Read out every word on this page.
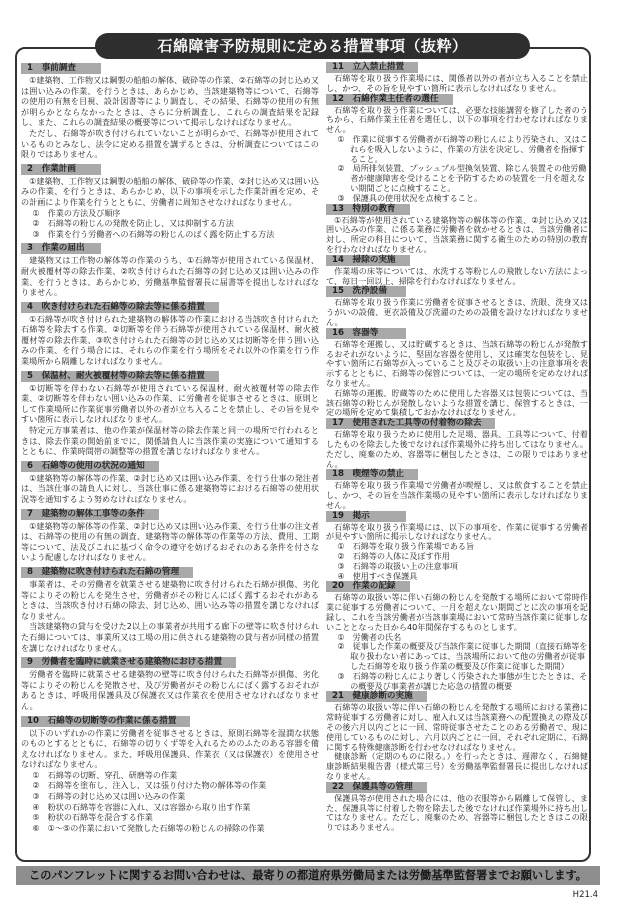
石綿障害予防規則に定める措置事項（抜粋）
1　事前調査
①建築物、工作物又は鋼製の船舶の解体、破砕等の作業、②石綿等の封じ込め又は囲い込みの作業、を行うときは、あらかじめ、当該建築物等について、石綿等の使用の有無を目視、設計図書等により調査し、その結果、石綿等の使用の有無が明らかとならなかったときは、さらに分析調査し、これらの調査結果を記録し、また、これらの調査結果の概要等について掲示しなければなりません。
ただし、石綿等が吹き付けられていないことが明らかで、石綿等が使用されているものとみなし、法令に定める措置を講ずるときは、分析調査についてはこの限りではありません。
2　作業計画
①建築物、工作物又は鋼製の船舶の解体、破砕等の作業、②封じ込め又は囲い込みの作業、を行うときは、あらかじめ、以下の事項を示した作業計画を定め、その計画により作業を行うとともに、労働者に周知させなければなりません。
①　作業の方法及び順序
②　石綿等の粉じんの発散を防止し、又は抑制する方法
③　作業を行う労働者への石綿等の粉じんのばく露を防止する方法
3　作業の届出
建築物又は工作物の解体等の作業のうち、①石綿等が使用されている保温材、耐火被覆材等の除去作業、②吹き付けられた石綿等の封じ込め又は囲い込みの作業、を行うときは、あらかじめ、労働基準監督署長に届書等を提出しなければなりません。
4　吹き付けられた石綿等の除去等に係る措置
①石綿等が吹き付けられた建築物の解体等の作業における当該吹き付けられた石綿等を除去する作業、②切断等を伴う石綿等が使用されている保温材、耐火被覆材等の除去作業、③吹き付けられた石綿等の封じ込め又は切断等を伴う囲い込みの作業、を行う場合には、それらの作業を行う場所をそれ以外の作業を行う作業場所から隔離しなければなりません。
5　保温材、耐火被覆材等の除去等に係る措置
①切断等を伴わない石綿等が使用されている保温材、耐火被覆材等の除去作業、②切断等を伴わない囲い込みの作業、に労働者を従事させるときは、原則として作業場所に作業従事労働者以外の者が立ち入ることを禁止し、その旨を見やすい箇所に表示しなければなりません。
特定元方事業者は、他の作業が保温材等の除去作業と同一の場所で行われるときは、除去作業の開始前までに、関係請負人に当該作業の実施について通知するとともに、作業時間帯の調整等の措置を講じなければなりません。
6　石綿等の使用の状況の通知
①建築物等の解体等の作業、②封じ込め又は囲い込み作業、を行う仕事の発注者は、当該仕事の請負人に対し、当該仕事に係る建築物等における石綿等の使用状況等を通知するよう努めなければなりません。
7　建築物の解体工事等の条件
①建築物等の解体等の作業、②封じ込め又は囲い込み作業、を行う仕事の注文者は、石綿等の使用の有無の調査、建築物等の解体等の作業等の方法、費用、工期等について、法及びこれに基づく命令の遵守を妨げるおそれのある条件を付さないよう配慮しなければなりません。
8　建築物に吹き付けられた石綿の管理
事業者は、その労働者を就業させる建築物に吹き付けられた石綿が損傷、劣化等によりその粉じんを発生させ、労働者がその粉じんにばく露するおそれがあるときは、当該吹き付け石綿の除去、封じ込め、囲い込み等の措置を講じなければなりません。
当該建築物の貸与を受けた2以上の事業者が共用する廊下の壁等に吹き付けられた石綿については、事業所又は工場の用に供される建築物の貸与者が同様の措置を講じなければなりません。
9　労働者を臨時に就業させる建築物における措置
労働者を臨時に就業させる建築物の壁等に吹き付けられた石綿等が損傷、劣化等によりその粉じんを発散させ、及び労働者がその粉じんにばく露するおそれがあるときは、呼吸用保護具及び保護衣又は作業衣を使用させなければなりません。
10　石綿等の切断等の作業に係る措置
以下のいずれかの作業に労働者を従事させるときは、原則石綿等を湿潤な状態のものとするとともに、石綿等の切りくず等を入れるためのふたのある容器を備えなければなりません。また、呼吸用保護具、作業衣（又は保護衣）を使用させなければなりません。
①　石綿等の切断、穿孔、研磨等の作業
②　石綿等を塗布し、注入し、又は張り付けた物の解体等の作業
③　石綿等の封じ込め又は囲い込みの作業
④　粉状の石綿等を容器に入れ、又は容器から取り出す作業
⑤　粉状の石綿等を混合する作業
⑥　①～⑤の作業において発散した石綿等の粉じんの掃除の作業
11　立入禁止措置
石綿等を取り扱う作業場には、関係者以外の者が立ち入ることを禁止し、かつ、その旨を見やすい箇所に表示しなければなりません。
12　石綿作業主任者の選任
石綿等を取り扱う作業については、必要な技能講習を修了した者のうちから、石綿作業主任者を選任し、以下の事項を行わせなければなりません。
①　作業に従事する労働者が石綿等の粉じんにより汚染され、又はこれらを吸入しないように、作業の方法を決定し、労働者を指揮すること。
②　局所排気装置、プッシュプル型換気装置、除じん装置その他労働者が健康障害を受けることを予防するための装置を一月を超えない期間ごとに点検すること。
③　保護具の使用状況を点検すること。
13　特別の教育
①石綿等が使用されている建築物等の解体等の作業、②封じ込め又は囲い込みの作業、に係る業務に労働者を就かせるときは、当該労働者に対し、所定の科目について、当該業務に関する衛生のための特別の教育を行わなければなりません。
14　掃除の実施
作業場の床等については、水洗する等粉じんの飛散しない方法によって、毎日一回以上、掃除を行わなければなりません。
15　洗浄設備
石綿等を取り扱う作業に労働者を従事させるときは、洗眼、洗身又はうがいの設備、更衣設備及び洗濯のための設備を設けなければなりません。
16　容器等
石綿等を運搬し、又は貯蔵するときは、当該石綿等の粉じんが発散するおそれがないように、堅固な容器を使用し、又は確実な包装をし、見やすい箇所に石綿等が入っていること及びその取扱い上の注意事項を表示するとともに、石綿等の保管については、一定の場所を定めなければなりません。
石綿等の運搬、貯蔵等のために使用した容器又は包装については、当該石綿等の粉じんが発散しないような措置を講じ、保管するときは、一定の場所を定めて集積しておかなければなりません。
17　使用された工具等の付着物の除去
石綿等を取り扱うために使用した足場、器具、工具等について、付着したものを除去した後でなければ作業場外に持ち出してはなりません。ただし、廃棄のため、容器等に梱包したときは、この限りではありません。
18　喫煙等の禁止
石綿等を取り扱う作業場で労働者が喫煙し、又は飲食することを禁止し、かつ、その旨を当該作業場の見やすい箇所に表示しなければなりません。
19　掲示
石綿等を取り扱う作業場には、以下の事項を、作業に従事する労働者が見やすい箇所に掲示しなければなりません。
①　石綿等を取り扱う作業場である旨
②　石綿等の人体に及ぼす作用
③　石綿等の取扱い上の注意事項
④　使用すべき保護具
20　作業の記録
石綿等の取扱い等に伴い石綿の粉じんを発散する場所において常時作業に従事する労働者について、一月を超えない期間ごとに次の事項を記録し、これを当該労働者が当該事業場において常時当該作業に従事しないこととなった日から40年間保存するものとします。
①　労働者の氏名
②　従事した作業の概要及び当該作業に従事した期間（直接石綿等を取り扱わない者にあっては、当該場所において他の労働者が従事した石綿等を取り扱う作業の概要及び作業に従事した期間）
③　石綿等の粉じんにより著しく汚染された事態が生じたときは、その概要及び事業者が講じた応急の措置の概要
21　健康診断の実施
石綿等の取扱い等に伴い石綿の粉じんを発散する場所における業務に常時従事する労働者に対し、雇入れ又は当該業務への配置換えの際及びその後六月以内ごとに一回、常時従事させたことのある労働者で、現に使用しているものに対し、六月以内ごとに一回、それぞれ定期に、石綿に関する特殊健康診断を行わせなければなりません。
健康診断（定期のものに限る。）を行ったときは、遅滞なく、石綿健康診断結果報告書（様式第三号）を労働基準監督署長に提出しなければなりません。
22　保護具等の管理
保護具等が使用された場合には、他の衣服等から隔離して保管し、また、保護具等に付着した物を除去した後でなければ作業場外に持ち出してはなりません。ただし、廃棄のため、容器等に梱包したときはこの限りではありません。
このパンフレットに関するお問い合わせは、最寄りの都道府県労働局または労働基準監督署までお願いします。
H21.4
